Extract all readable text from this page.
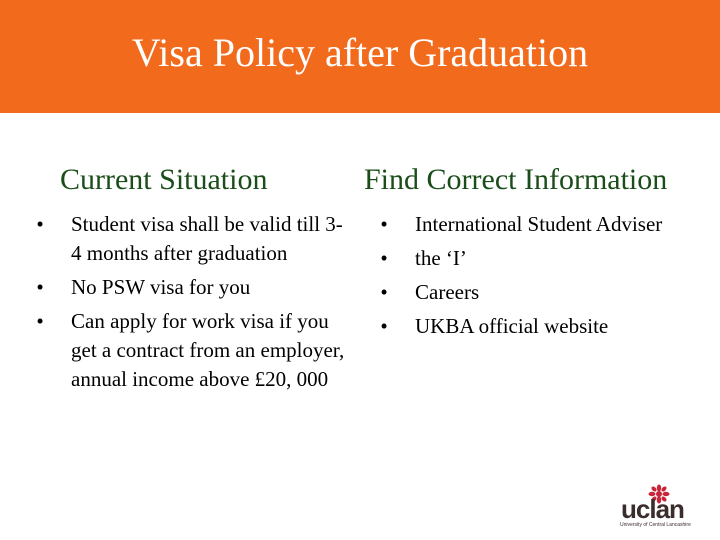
Visa Policy after Graduation
Current Situation	Find Correct Information
•	Student visa shall be valid till 3-4 months after graduation
•	No PSW visa for you
•	Can apply for work visa if you get a contract from an employer, annual income above £20, 000
•	International Student Adviser
•	the ‘I’
•	Careers
•	UKBA official website
uclan
University of Central Lancashire
